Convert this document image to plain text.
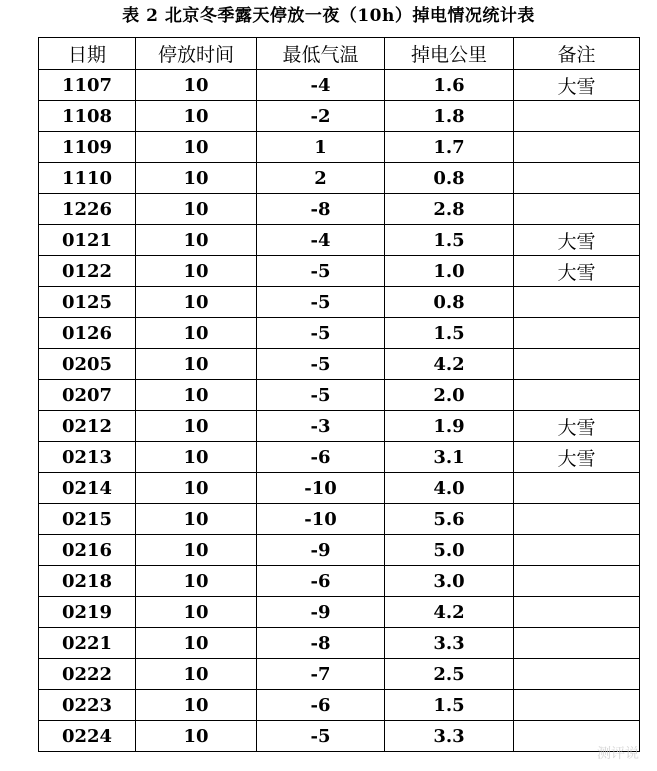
表 2 北京冬季露天停放一夜（10h）掉电情况统计表
日期	停放时间	最低气温	掉电公里	备注
1107	10	-4	1.6	大雪
1108	10	-2	1.8	
1109	10	1	1.7	
1110	10	2	0.8	
1226	10	-8	2.8	
0121	10	-4	1.5	大雪
0122	10	-5	1.0	大雪
0125	10	-5	0.8	
0126	10	-5	1.5	
0205	10	-5	4.2	
0207	10	-5	2.0	
0212	10	-3	1.9	大雪
0213	10	-6	3.1	大雪
0214	10	-10	4.0	
0215	10	-10	5.6	
0216	10	-9	5.0	
0218	10	-6	3.0	
0219	10	-9	4.2	
0221	10	-8	3.3	
0222	10	-7	2.5	
0223	10	-6	1.5	
0224	10	-5	3.3	
测评说
